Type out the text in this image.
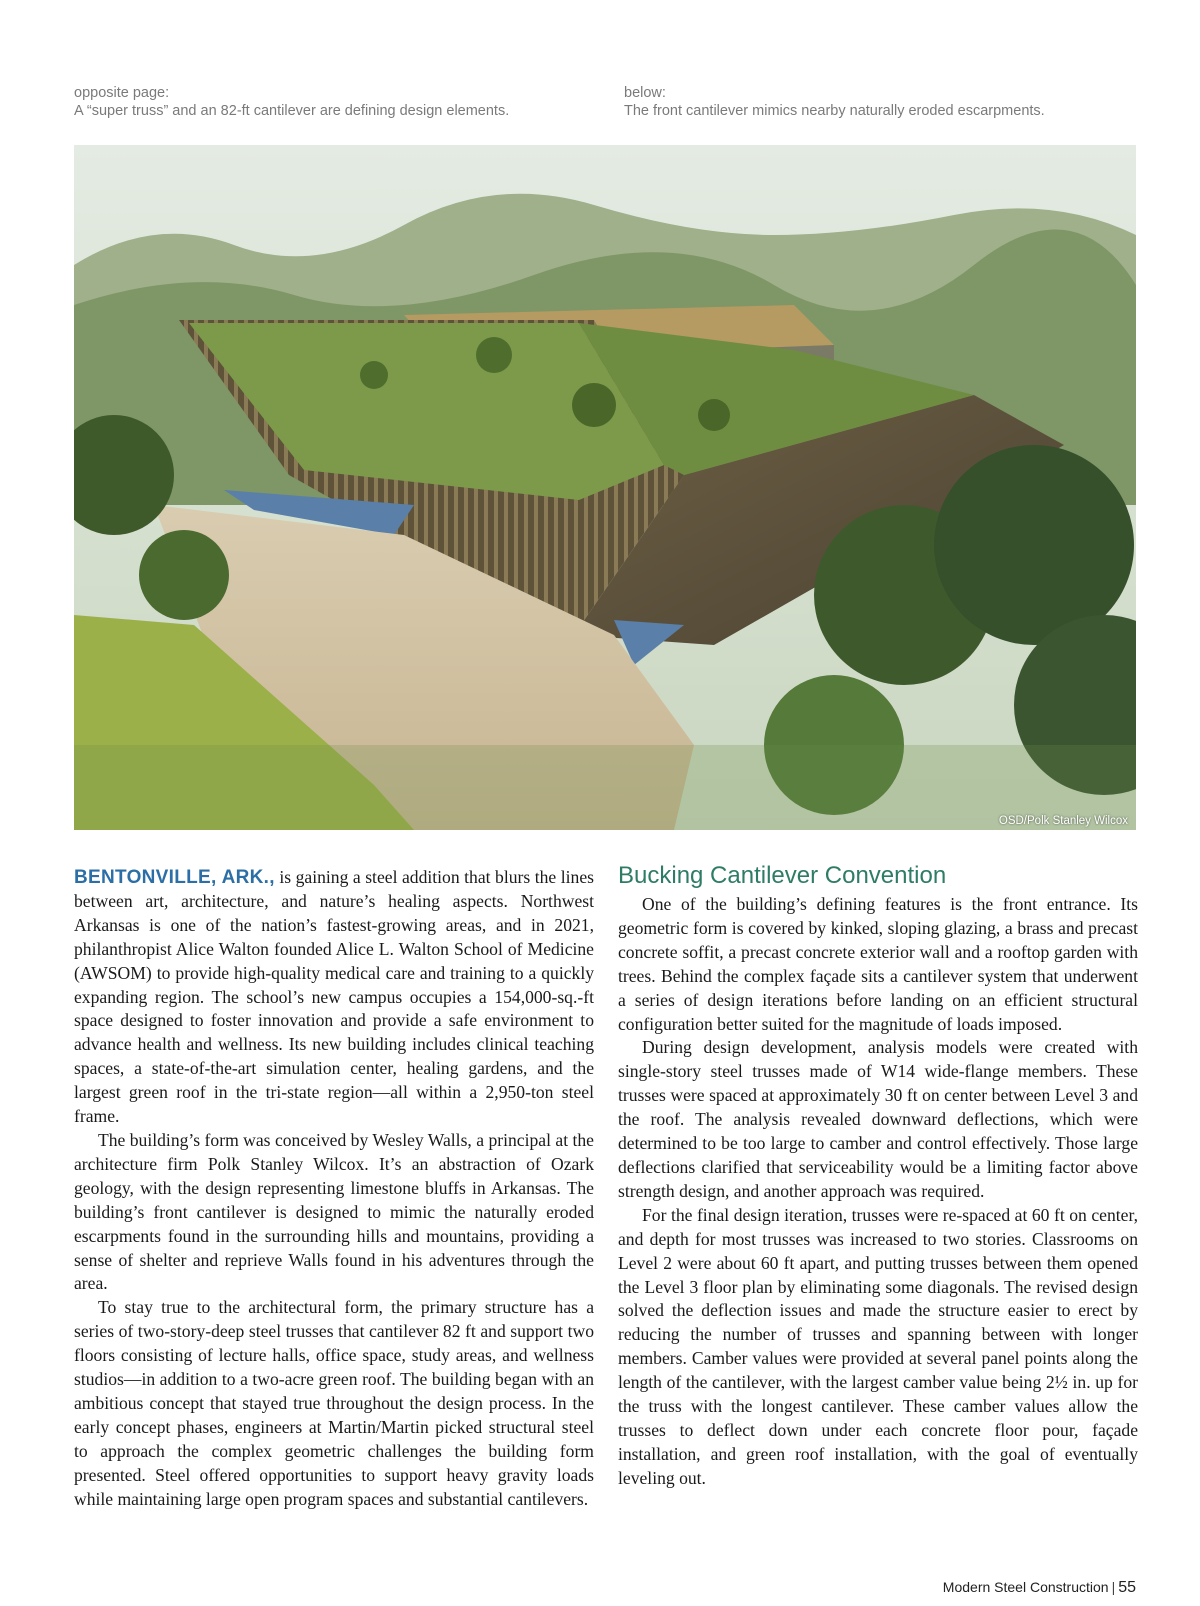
opposite page:
A “super truss” and an 82-ft cantilever are defining design elements.
below:
The front cantilever mimics nearby naturally eroded escarpments.
OSD/Polk Stanley Wilcox

BENTONVILLE, ARK., is gaining a steel addition that blurs the lines between art, architecture, and nature’s healing aspects. Northwest Arkansas is one of the nation’s fastest-growing areas, and in 2021, philanthropist Alice Walton founded Alice L. Walton School of Medicine (AWSOM) to provide high-quality medical care and training to a quickly expanding region. The school’s new campus occupies a 154,000-sq.-ft space designed to foster innovation and provide a safe environment to advance health and wellness. Its new building includes clinical teaching spaces, a state-of-the-art simulation center, healing gardens, and the largest green roof in the tri-state region—all within a 2,950-ton steel frame.

The building’s form was conceived by Wesley Walls, a principal at the architecture firm Polk Stanley Wilcox. It’s an abstraction of Ozark geology, with the design representing limestone bluffs in Arkansas. The building’s front cantilever is designed to mimic the naturally eroded escarpments found in the surrounding hills and mountains, providing a sense of shelter and reprieve Walls found in his adventures through the area.

To stay true to the architectural form, the primary structure has a series of two-story-deep steel trusses that cantilever 82 ft and support two floors consisting of lecture halls, office space, study areas, and wellness studios—in addition to a two-acre green roof. The building began with an ambitious concept that stayed true throughout the design process. In the early concept phases, engineers at Martin/Martin picked structural steel to approach the complex geometric challenges the building form presented. Steel offered opportunities to support heavy gravity loads while maintaining large open program spaces and substantial cantilevers.

Bucking Cantilever Convention

One of the building’s defining features is the front entrance. Its geometric form is covered by kinked, sloping glazing, a brass and precast concrete soffit, a precast concrete exterior wall and a rooftop garden with trees. Behind the complex façade sits a cantilever system that underwent a series of design iterations before landing on an efficient structural configuration better suited for the magnitude of loads imposed.

During design development, analysis models were created with single-story steel trusses made of W14 wide-flange members. These trusses were spaced at approximately 30 ft on center between Level 3 and the roof. The analysis revealed downward deflections, which were determined to be too large to camber and control effectively. Those large deflections clarified that serviceability would be a limiting factor above strength design, and another approach was required.

For the final design iteration, trusses were re-spaced at 60 ft on center, and depth for most trusses was increased to two stories. Classrooms on Level 2 were about 60 ft apart, and putting trusses between them opened the Level 3 floor plan by eliminating some diagonals. The revised design solved the deflection issues and made the structure easier to erect by reducing the number of trusses and spanning between with longer members. Camber values were provided at several panel points along the length of the cantilever, with the largest camber value being 2½ in. up for the truss with the longest cantilever. These camber values allow the trusses to deflect down under each concrete floor pour, façade installation, and green roof installation, with the goal of eventually leveling out.

Modern Steel Construction | 55
